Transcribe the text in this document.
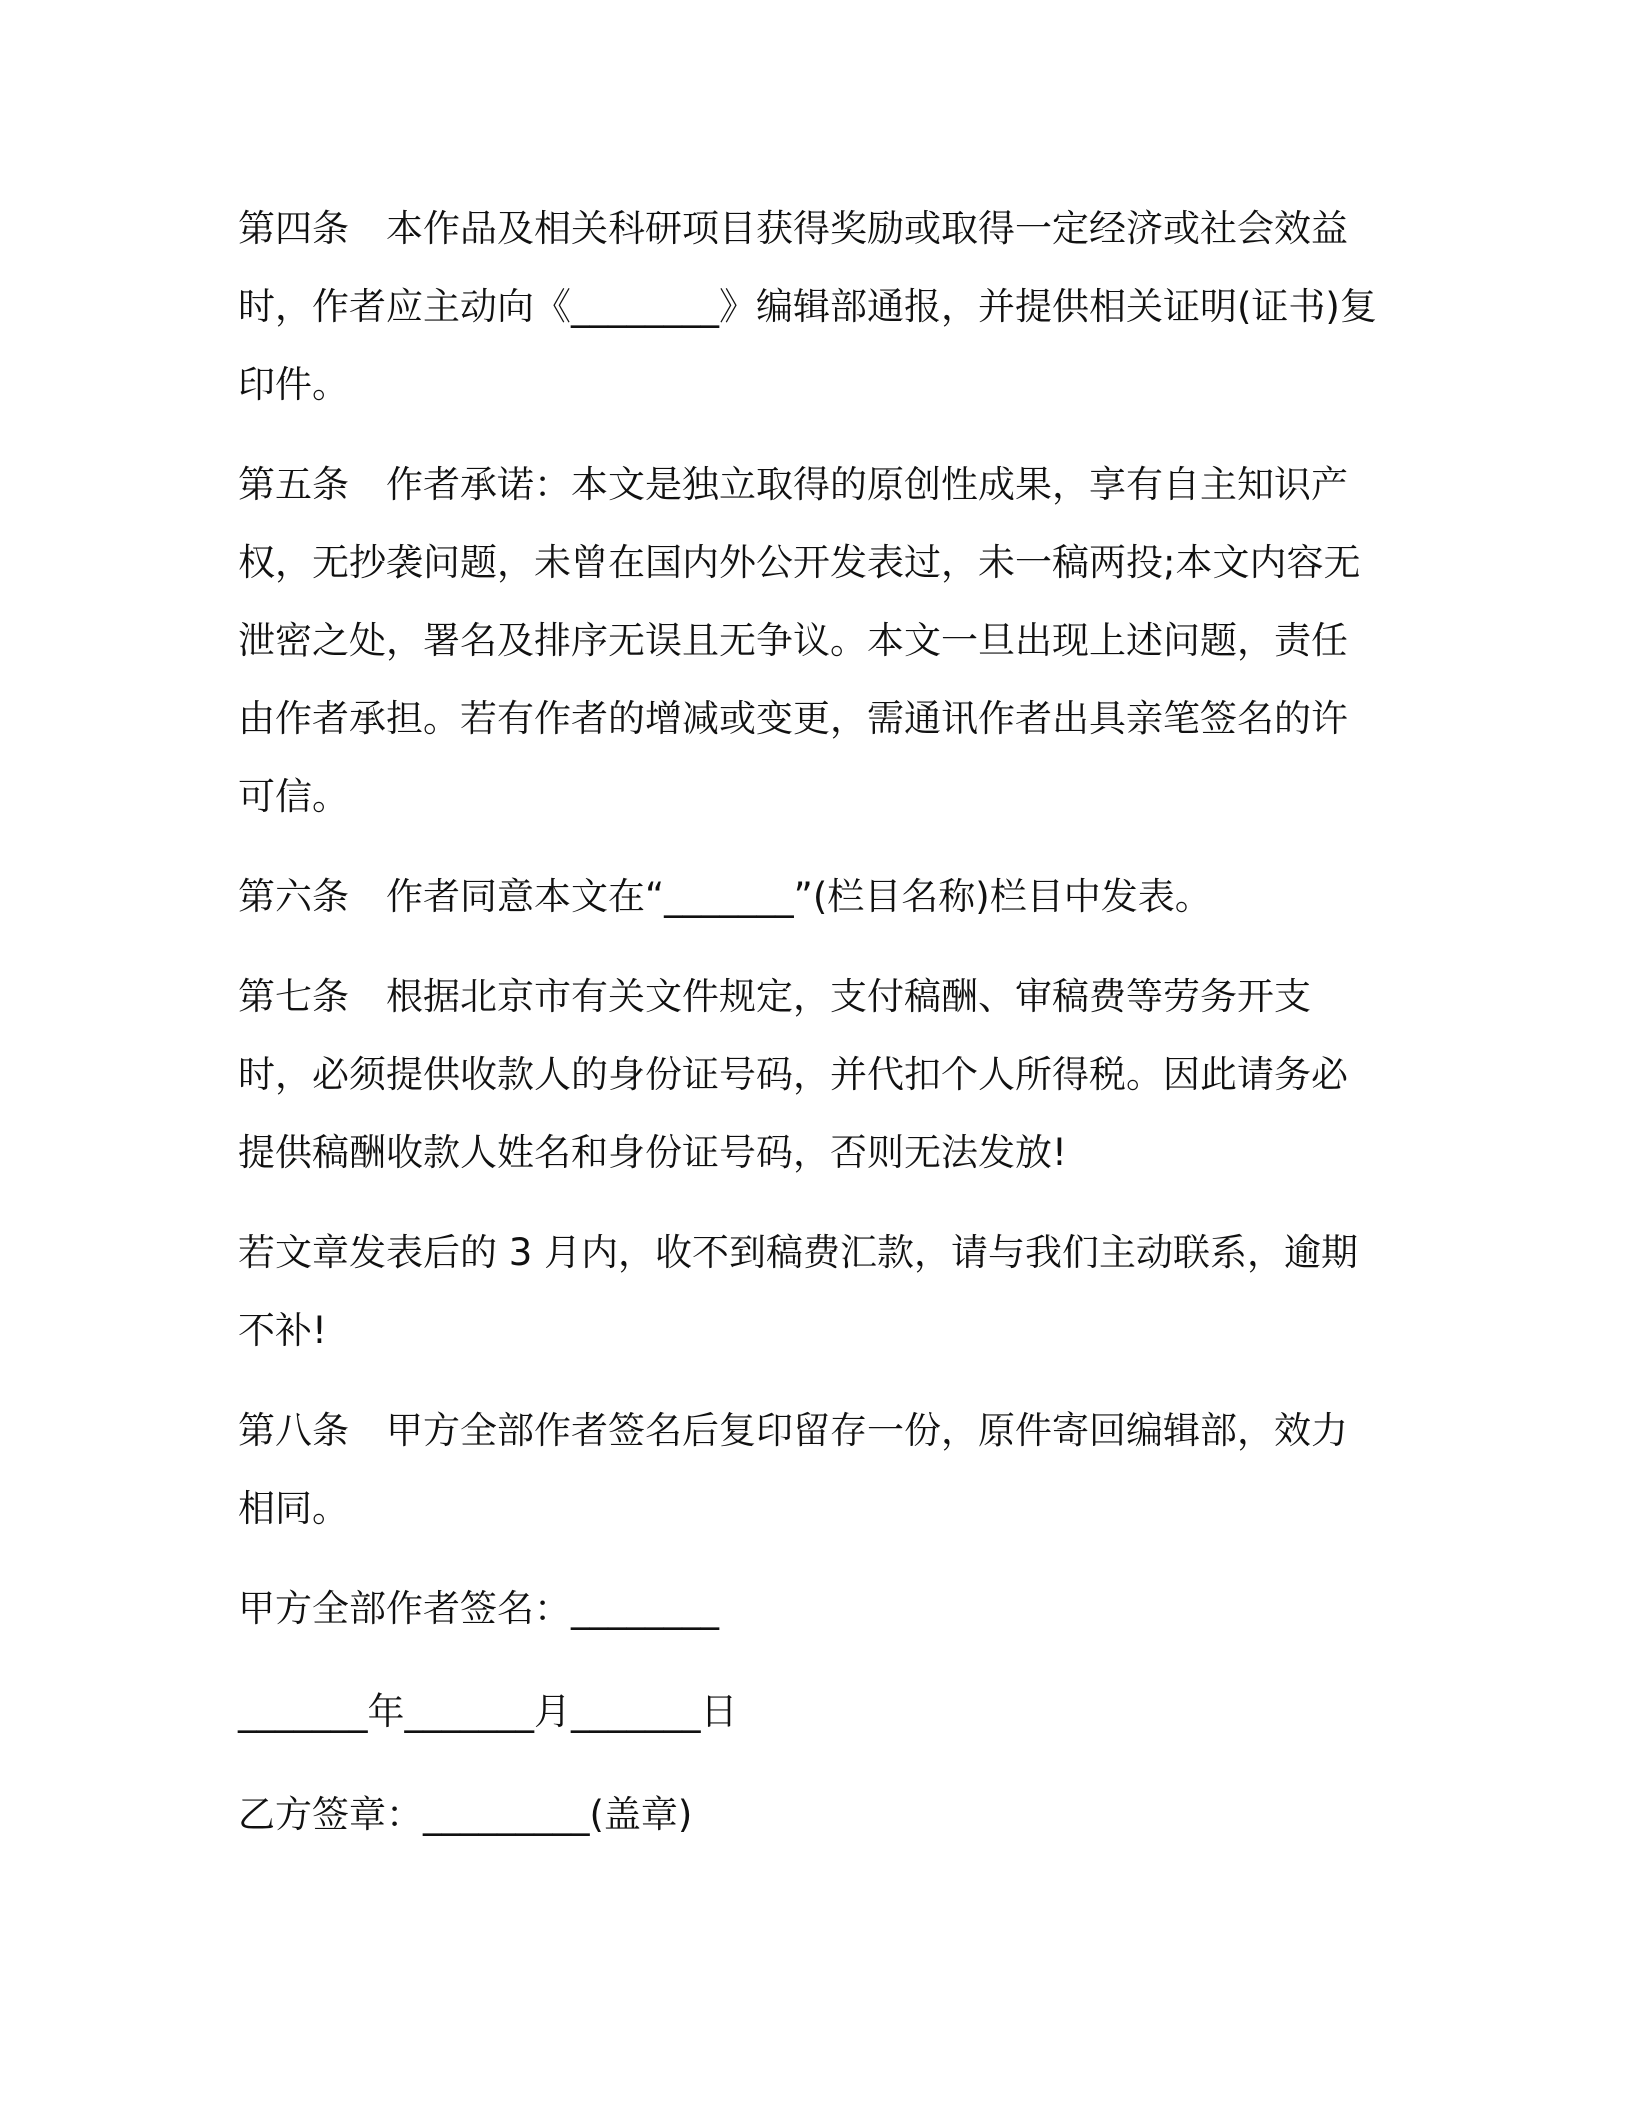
第四条　本作品及相关科研项目获得奖励或取得一定经济或社会效益时，作者应主动向《________》编辑部通报，并提供相关证明(证书)复印件。

第五条　作者承诺：本文是独立取得的原创性成果，享有自主知识产权，无抄袭问题，未曾在国内外公开发表过，未一稿两投;本文内容无泄密之处，署名及排序无误且无争议。本文一旦出现上述问题，责任由作者承担。若有作者的增减或变更，需通讯作者出具亲笔签名的许可信。

第六条　作者同意本文在“_______”(栏目名称)栏目中发表。

第七条　根据北京市有关文件规定，支付稿酬、审稿费等劳务开支时，必须提供收款人的身份证号码，并代扣个人所得税。因此请务必提供稿酬收款人姓名和身份证号码，否则无法发放!

若文章发表后的 3 月内，收不到稿费汇款，请与我们主动联系，逾期不补!

第八条　甲方全部作者签名后复印留存一份，原件寄回编辑部，效力相同。

甲方全部作者签名：________

_______年_______月_______日

乙方签章：_________(盖章)
